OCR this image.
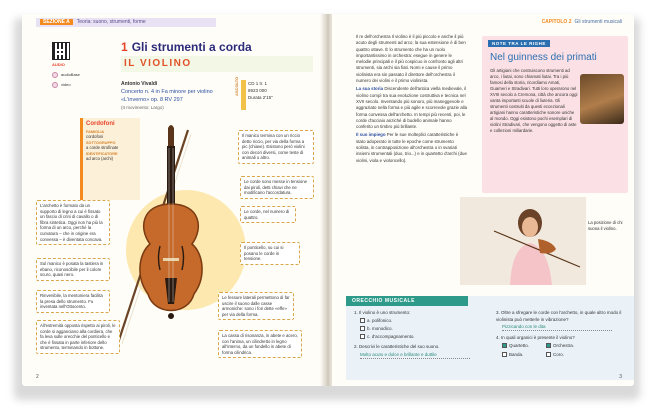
SEZIONE A Teoria: suono, strumenti, forme
AUDIO
audioBase
video
1 Gli strumenti a corda
IL VIOLINO
Antonio Vivaldi
Concerto n. 4 in Fa minore per violino «L'inverno» op. 8 RV 297
(II movimento: Largo)
ASCOLTO CD 1 tr. 1
8923 000
Durata 2'15"
Cordofoni
FAMIGLIA
cordofoni
SOTTOGRUPPO
a corde strofinate
IDENTIFICATORE
ad arco (archi)
Il manico termina con un riccio detto riccio, per via della forma a pic (chiave). Esistono però violini con decori diversi, come teste di animali o altro.
Le corde sono messe in tensione dai piroli, detti chiavi che ne modificano l'accordatura.
Le corde, nel numero di quattro.
L'archetto è formato da un supporto di legno a cui è fissato un fascio di crini di cavallo o di fibra sintetica. Oggi non ha più la forma di un arco, perché la curvatura – che in origine era convessa – è diventata concava.
Sul manico è posata la tastiera in ebano, riconoscibile per il colore scuro, quasi nero.
Il ponticello, su cui si posano le corde in tensione.
Rinvenibile, la mentoniera facilita la presa dello strumento. Fu inventata nell'Ottocento.
Le fessure laterali permettono di far uscire il suono dalle casse armoniche: sono i fori dette «effe» per via della forma.
All'estremità opposta rispetto ai piroli, le corde si agganciano alla cordiera, che fa leva sulle orecchie del ponticello e che è fissata in parte inferiore dello strumento, terminando in bottone.
La cassa di risonanza, in abete e acero, con l'anima, un cilindretto in legno all'interno, da un fondello in abete di forma cilindrica.
2
CAPITOLO 2 Gli strumenti musicali

Il re dell'orchestra Il violino è il più piccolo e anche il più acuto degli strumenti ad arco; la sua estensione è di ben quattro ottave. È lo strumento che ha un ruolo importantissimo in orchestra: esegue in genere le melodie principali e il più cospicuo in confronto agli altri strumenti, sia archi sia fiati. Nomi e cause il primo violinista era sin passato il direttore dell'orchestra il numero dei violini e il primo violinista.

La sua storia Discendente dell'antica viella medievale, il violino compì tra sua evoluzione costruttiva e tecnica nel XVII secolo. Inventando più sonoro, più maneggevole e aggraziato nella forma e più agile e scorrevole grazie alla forma convessa dell'archetto. In tempi più recenti, poi, le corde d'acciaio anziché di budello animale hanno conferito un timbro più brillante.

Il suo impiego Per le sue molteplici caratteristiche è stato adoperato in tutte le epoche come strumento solista, in contrapposizione all'orchestra o in svariati insiemi strumentali (duo, trio...) e in quartetto d'archi (due violini, viola e violoncello).

NOTE TRA LE RIGHE
Nel guinness dei primati
Gli artigiani che costruiscono strumenti ad arco, i liutai, sono chiamati liutai. Tra i più famosi della storia, ricordiamo Amati, Guarneri e Stradivari. Tutti loro operarono nel XVIII secolo a Cremona, città che ancora oggi vanta importanti scuole di liuteria. Gli strumenti costruiti da questi eccezionali artigiani hanno caratteristiche sonore uniche al mondo. Oggi esistono pochi esemplari di violini Stradivari, che vengono oggetto di aste e collezioni miliardarie.
La posizione di chi suona il violino.
ORECCHIO MUSICALE
1. Il violino è uno strumento:
a. polifonico.
b. monodico.
c. d'accompagnamento.
2. Descrivi le caratteristiche del suo suono.
Molto acuto e dolce e brillante e duttile
3. Oltre a sfregare le corde con l'archetto, in quale altro modo il violinista può metterle in vibrazione?
Pizzicando con le dita
4. In quali organici è presente il violino?
Quartetto.	Orchestra.
Banda.	Coro.
3
